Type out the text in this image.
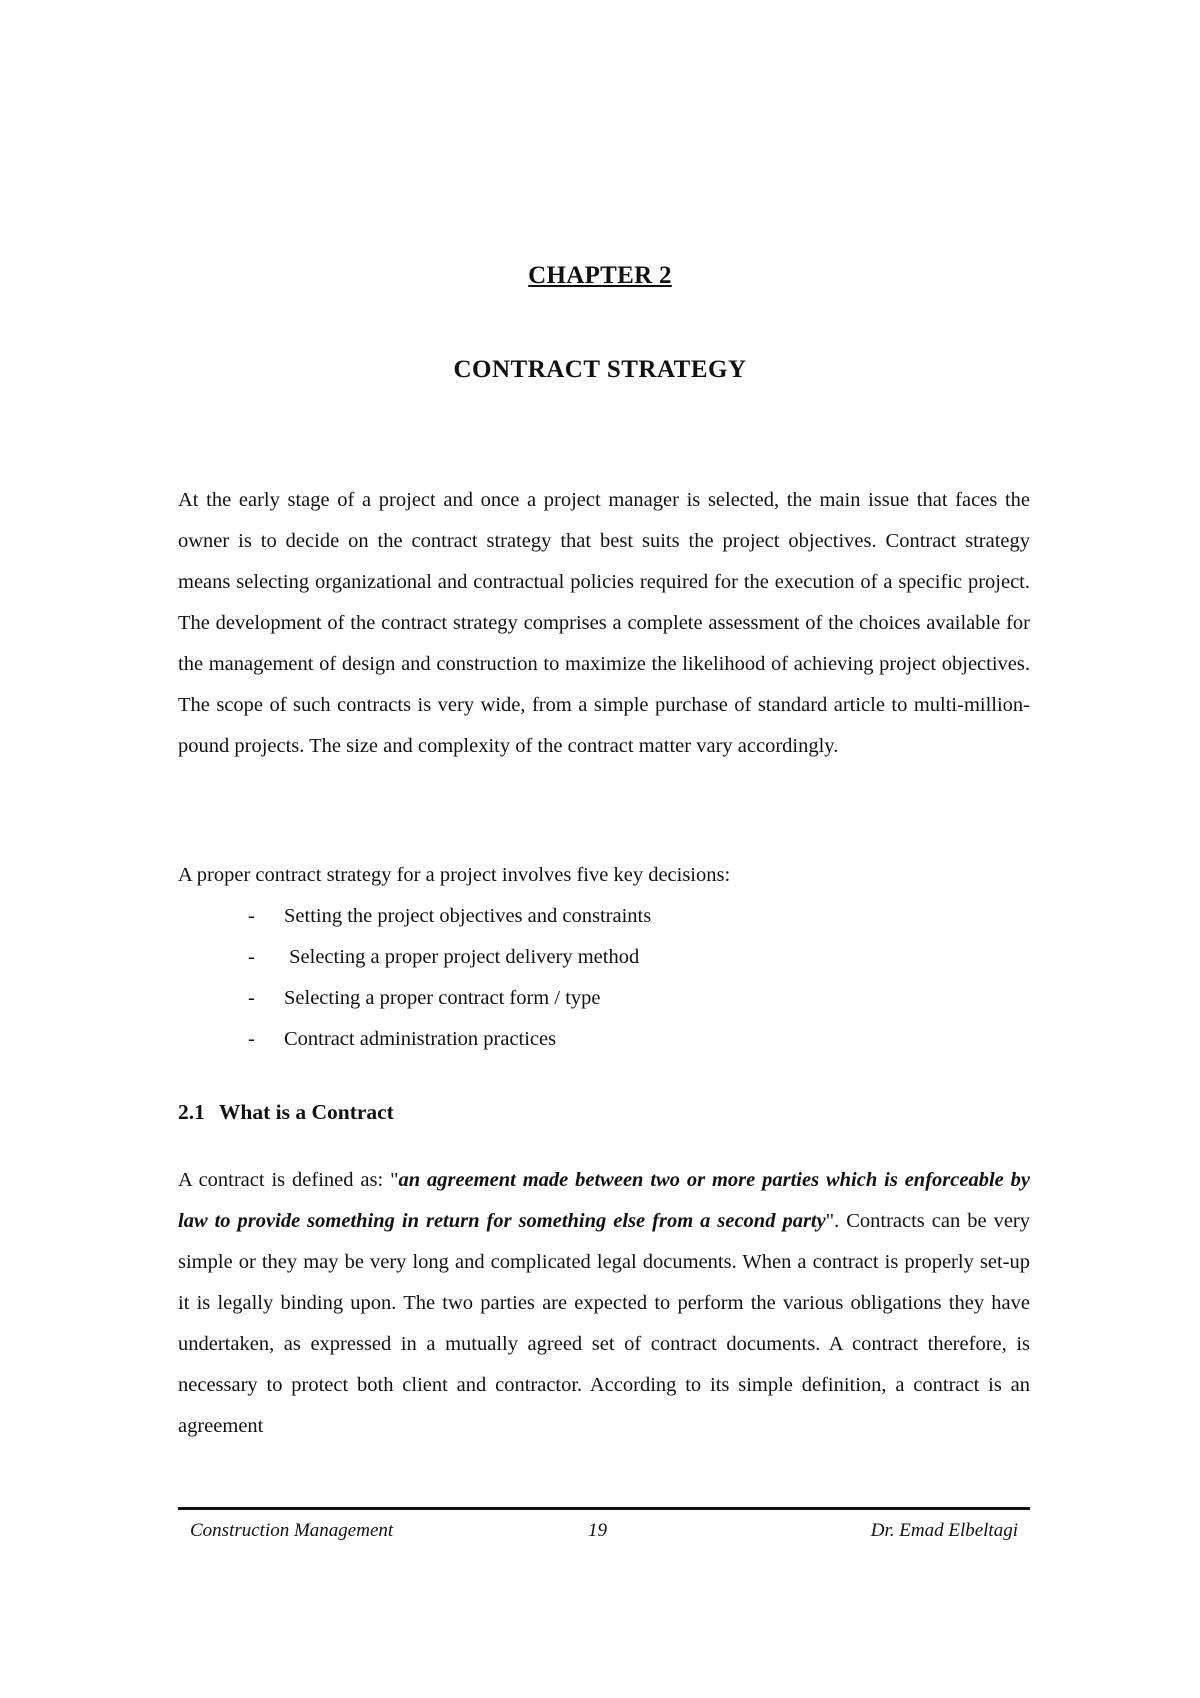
CHAPTER 2
CONTRACT STRATEGY

At the early stage of a project and once a project manager is selected, the main issue that faces the owner is to decide on the contract strategy that best suits the project objectives. Contract strategy means selecting organizational and contractual policies required for the execution of a specific project. The development of the contract strategy comprises a complete assessment of the choices available for the management of design and construction to maximize the likelihood of achieving project objectives. The scope of such contracts is very wide, from a simple purchase of standard article to multi-million-pound projects. The size and complexity of the contract matter vary accordingly.

A proper contract strategy for a project involves five key decisions:

- Setting the project objectives and constraints
- Selecting a proper project delivery method
- Selecting a proper contract form / type
- Contract administration practices
2.1 What is a Contract

A contract is defined as: "an agreement made between two or more parties which is enforceable by law to provide something in return for something else from a second party". Contracts can be very simple or they may be very long and complicated legal documents. When a contract is properly set-up it is legally binding upon. The two parties are expected to perform the various obligations they have undertaken, as expressed in a mutually agreed set of contract documents. A contract therefore, is necessary to protect both client and contractor. According to its simple definition, a contract is an agreement

Construction Management	19	Dr. Emad Elbeltagi
